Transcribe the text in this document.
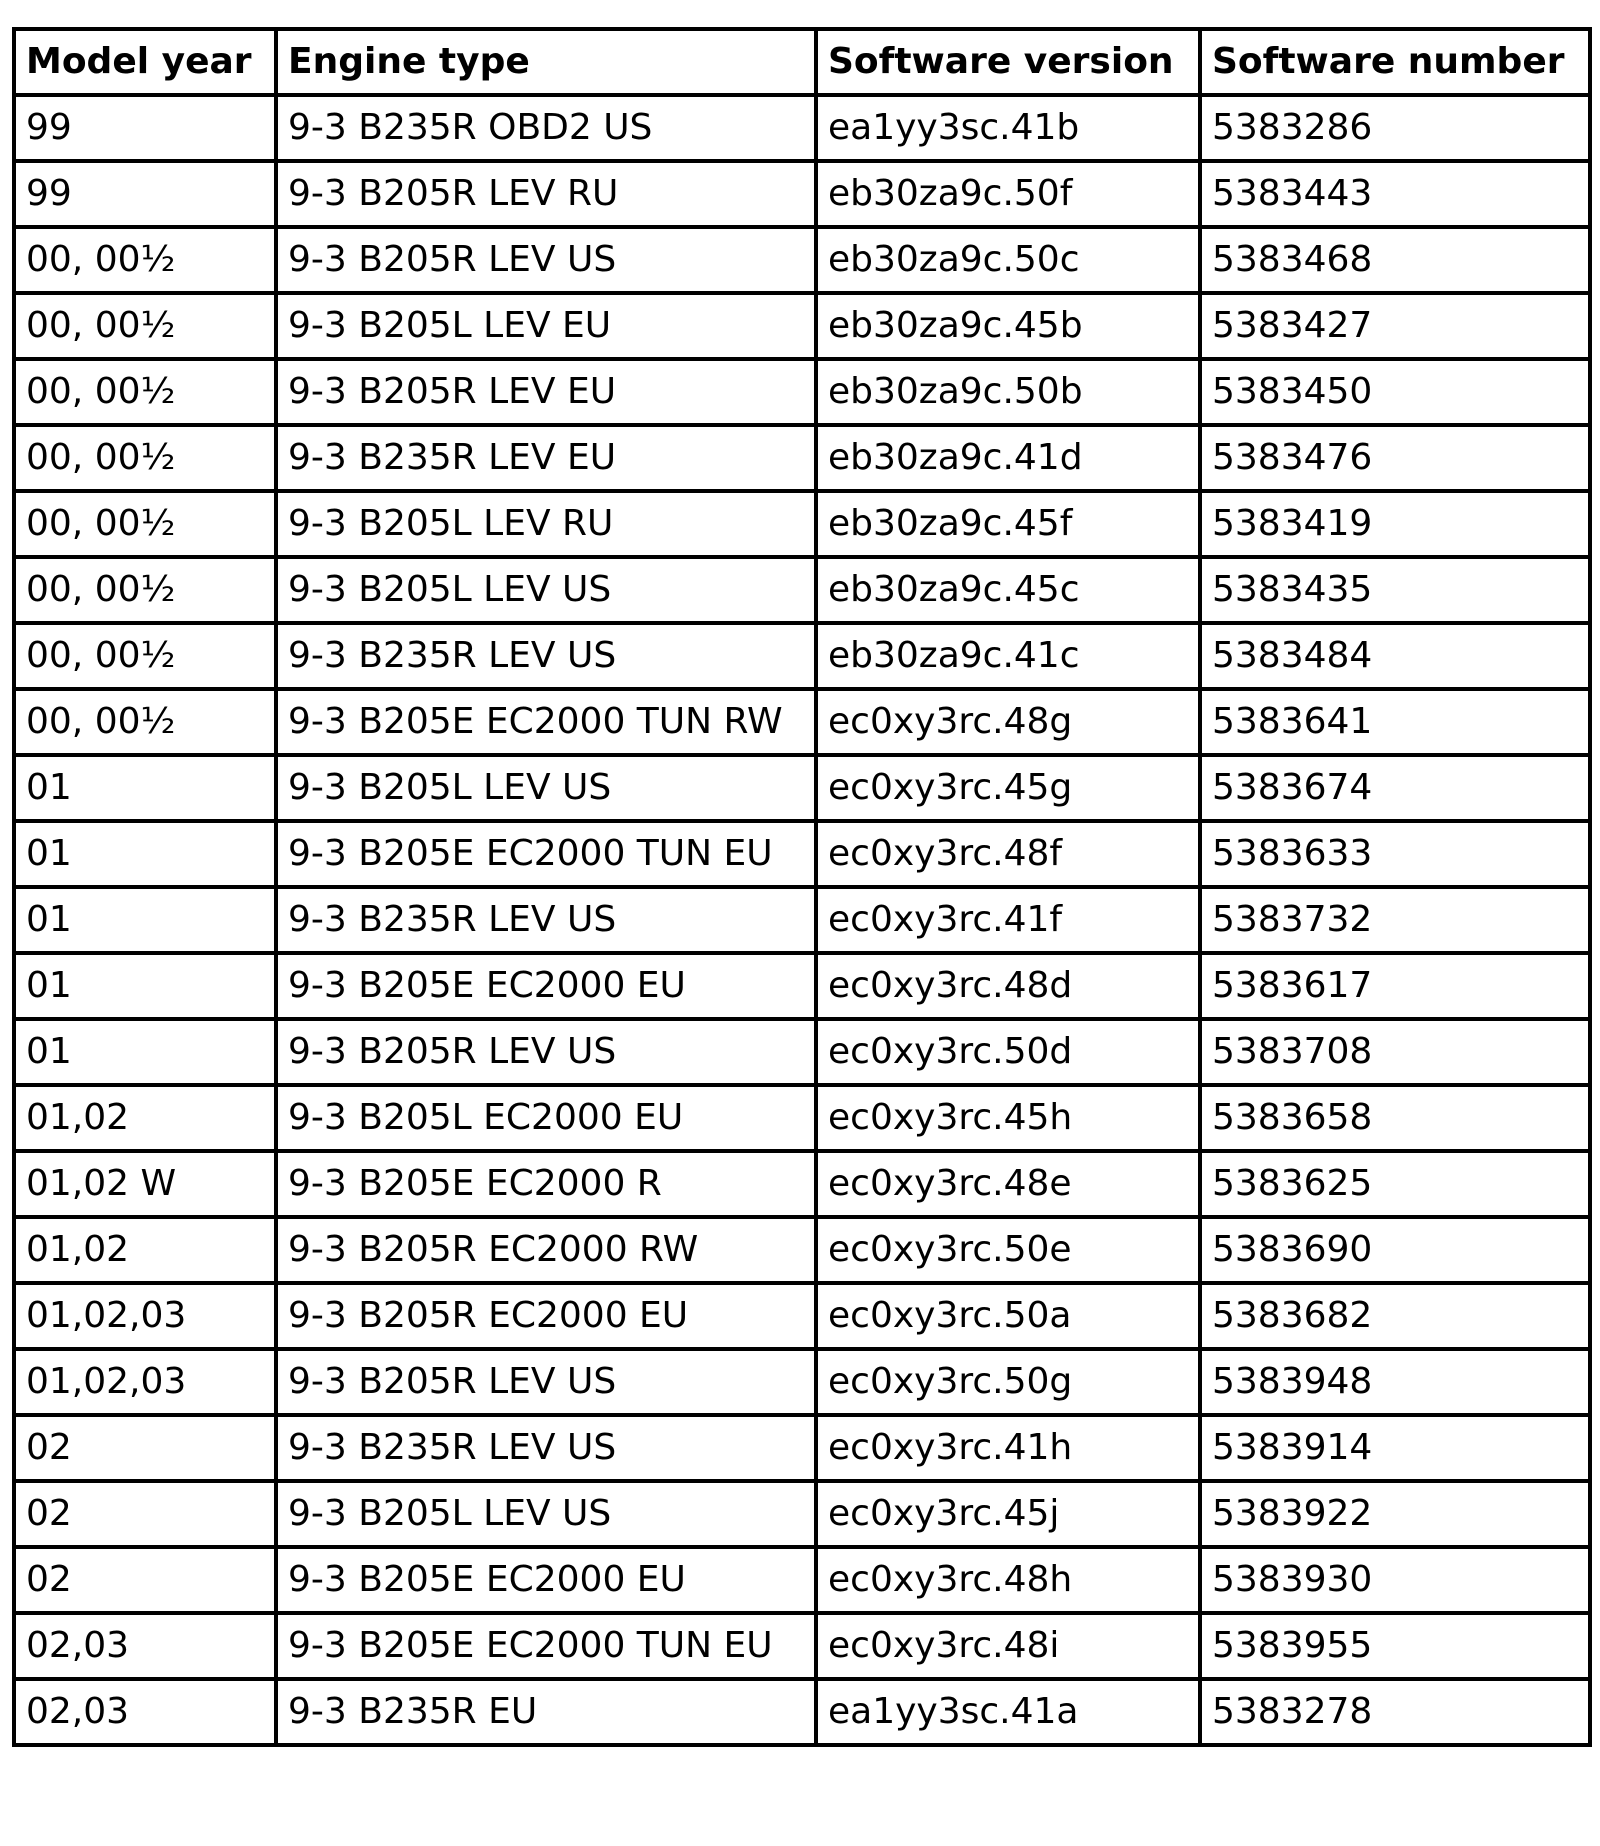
Model year	Engine type	Software version	Software number
99	9-3 B235R OBD2 US	ea1yy3sc.41b	5383286
99	9-3 B205R LEV RU	eb30za9c.50f	5383443
00, 00½	9-3 B205R LEV US	eb30za9c.50c	5383468
00, 00½	9-3 B205L LEV EU	eb30za9c.45b	5383427
00, 00½	9-3 B205R LEV EU	eb30za9c.50b	5383450
00, 00½	9-3 B235R LEV EU	eb30za9c.41d	5383476
00, 00½	9-3 B205L LEV RU	eb30za9c.45f	5383419
00, 00½	9-3 B205L LEV US	eb30za9c.45c	5383435
00, 00½	9-3 B235R LEV US	eb30za9c.41c	5383484
00, 00½	9-3 B205E EC2000 TUN RW	ec0xy3rc.48g	5383641
01	9-3 B205L LEV US	ec0xy3rc.45g	5383674
01	9-3 B205E EC2000 TUN EU	ec0xy3rc.48f	5383633
01	9-3 B235R LEV US	ec0xy3rc.41f	5383732
01	9-3 B205E EC2000 EU	ec0xy3rc.48d	5383617
01	9-3 B205R LEV US	ec0xy3rc.50d	5383708
01,02	9-3 B205L EC2000 EU	ec0xy3rc.45h	5383658
01,02 W	9-3 B205E EC2000 R	ec0xy3rc.48e	5383625
01,02	9-3 B205R EC2000 RW	ec0xy3rc.50e	5383690
01,02,03	9-3 B205R EC2000 EU	ec0xy3rc.50a	5383682
01,02,03	9-3 B205R LEV US	ec0xy3rc.50g	5383948
02	9-3 B235R LEV US	ec0xy3rc.41h	5383914
02	9-3 B205L LEV US	ec0xy3rc.45j	5383922
02	9-3 B205E EC2000 EU	ec0xy3rc.48h	5383930
02,03	9-3 B205E EC2000 TUN EU	ec0xy3rc.48i	5383955
02,03	9-3 B235R EU	ea1yy3sc.41a	5383278
